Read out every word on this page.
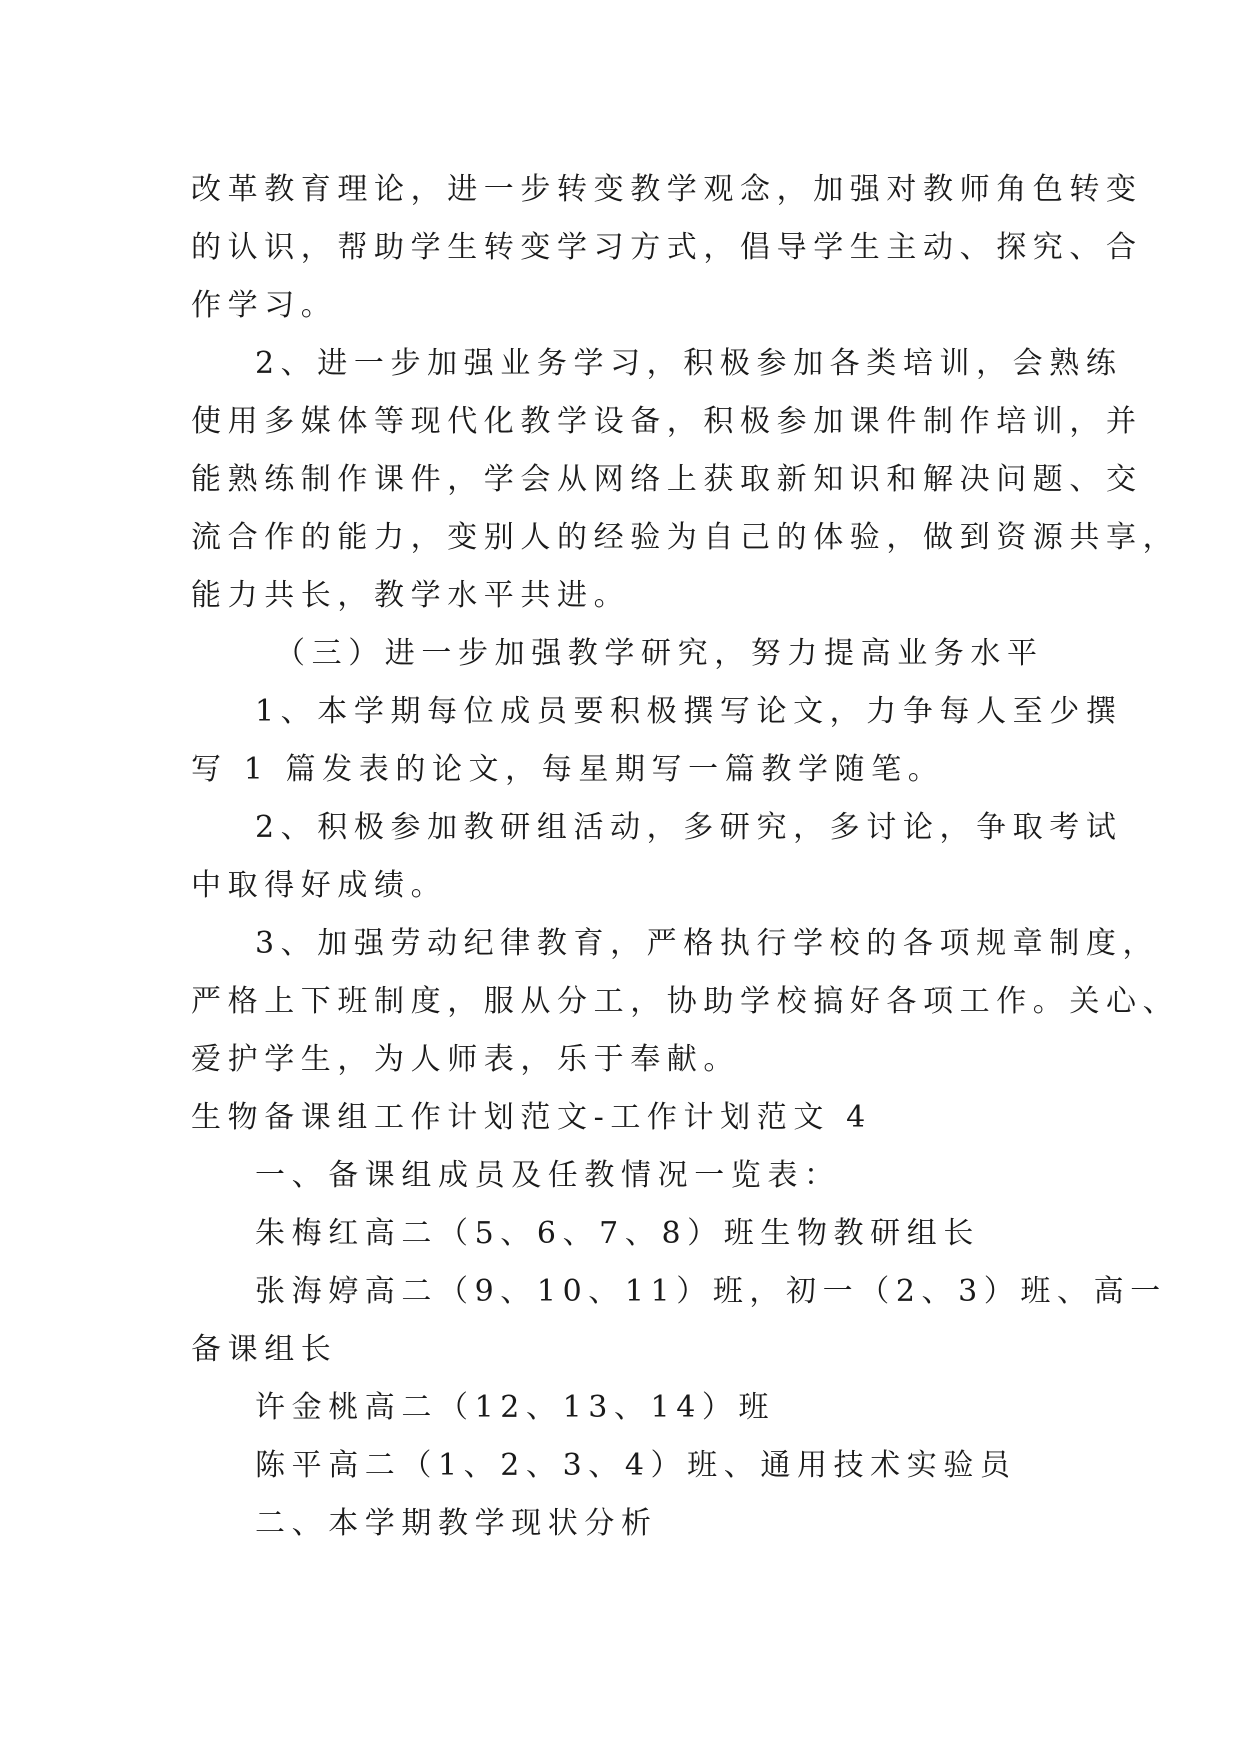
改革教育理论，进一步转变教学观念，加强对教师角色转变
的认识，帮助学生转变学习方式，倡导学生主动、探究、合
作学习。
2、进一步加强业务学习，积极参加各类培训，会熟练
使用多媒体等现代化教学设备，积极参加课件制作培训，并
能熟练制作课件，学会从网络上获取新知识和解决问题、交
流合作的能力，变别人的经验为自己的体验，做到资源共享，
能力共长，教学水平共进。
（三）进一步加强教学研究，努力提高业务水平
1、本学期每位成员要积极撰写论文，力争每人至少撰
写 1 篇发表的论文，每星期写一篇教学随笔。
2、积极参加教研组活动，多研究，多讨论，争取考试
中取得好成绩。
3、加强劳动纪律教育，严格执行学校的各项规章制度，
严格上下班制度，服从分工，协助学校搞好各项工作。关心、
爱护学生，为人师表，乐于奉献。
生物备课组工作计划范文-工作计划范文 4
一、备课组成员及任教情况一览表：
朱梅红高二（5、6、7、8）班生物教研组长
张海婷高二（9、10、11）班，初一（2、3）班、高一
备课组长
许金桃高二（12、13、14）班
陈平高二（1、2、3、4）班、通用技术实验员
二、本学期教学现状分析
